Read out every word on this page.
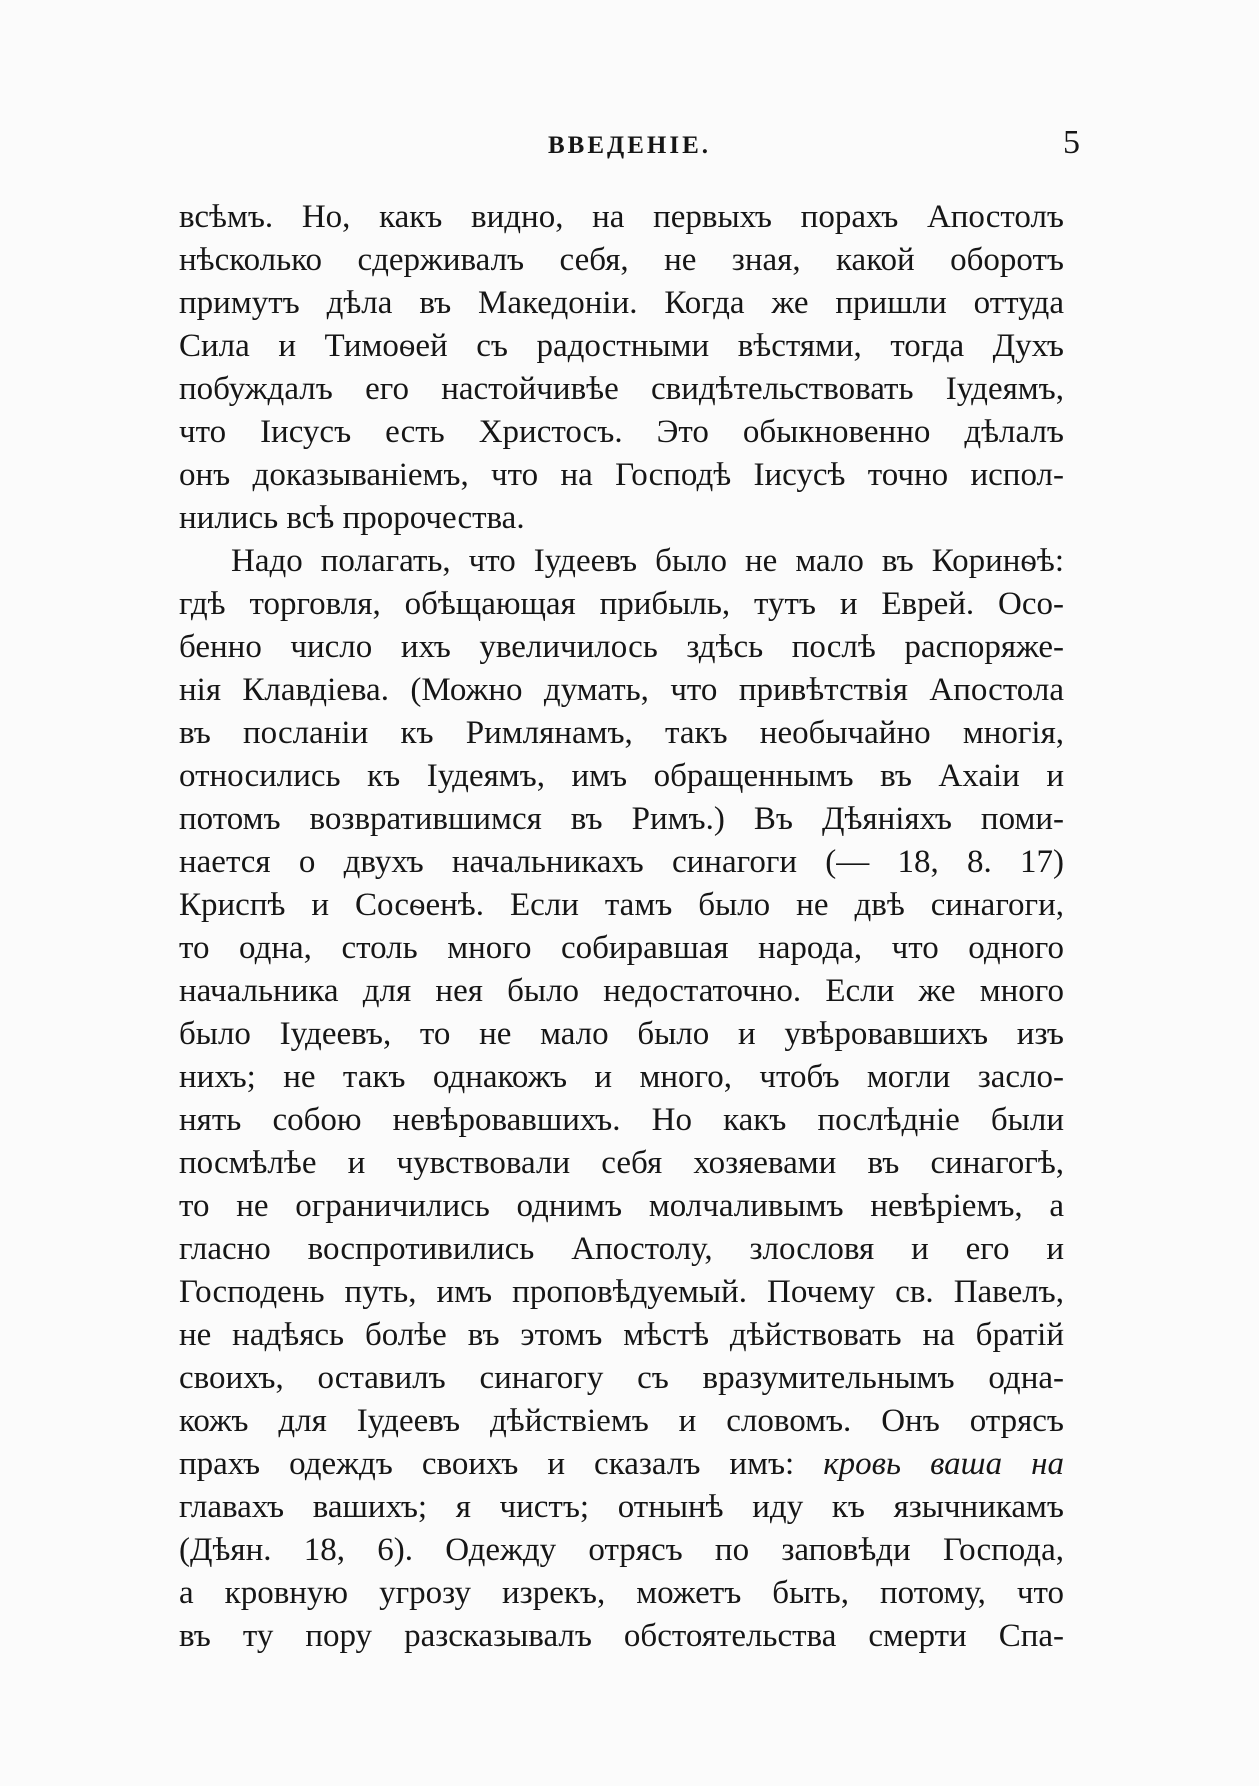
ВВЕДЕНІЕ.	5
всѣмъ. Но, какъ видно, на первыхъ порахъ Апостолъ
нѣсколько сдерживалъ себя, не зная, какой оборотъ
примутъ дѣла въ Македоніи. Когда же пришли оттуда
Сила и Тимоѳей съ радостными вѣстями, тогда Духъ
побуждалъ его настойчивѣе свидѣтельствовать Іудеямъ,
что Іисусъ есть Христосъ. Это обыкновенно дѣлалъ
онъ доказываніемъ, что на Господѣ Іисусѣ точно испол-
нились всѣ пророчества.
Надо полагать, что Іудеевъ было не мало въ Коринѳѣ:
гдѣ торговля, обѣщающая прибыль, тутъ и Еврей. Осо-
бенно число ихъ увеличилось здѣсь послѣ распоряже-
нія Клавдіева. (Можно думать, что привѣтствія Апостола
въ посланіи къ Римлянамъ, такъ необычайно многія,
относились къ Іудеямъ, имъ обращеннымъ въ Ахаіи и
потомъ возвратившимся въ Римъ.) Въ Дѣяніяхъ поми-
нается о двухъ начальникахъ синагоги (— 18, 8. 17)
Криспѣ и Сосѳенѣ. Если тамъ было не двѣ синагоги,
то одна, столь много собиравшая народа, что одного
начальника для нея было недостаточно. Если же много
было Іудеевъ, то не мало было и увѣровавшихъ изъ
нихъ; не такъ однакожъ и много, чтобъ могли засло-
нять собою невѣровавшихъ. Но какъ послѣдніе были
посмѣлѣе и чувствовали себя хозяевами въ синагогѣ,
то не ограничились однимъ молчаливымъ невѣріемъ, а
гласно воспротивились Апостолу, злословя и его и
Господень путь, имъ проповѣдуемый. Почему св. Павелъ,
не надѣясь болѣе въ этомъ мѣстѣ дѣйствовать на братій
своихъ, оставилъ синагогу съ вразумительнымъ одна-
кожъ для Іудеевъ дѣйствіемъ и словомъ. Онъ отрясъ
прахъ одеждъ своихъ и сказалъ имъ: кровь ваша на
главахъ вашихъ; я чистъ; отнынѣ иду къ язычникамъ
(Дѣян. 18, 6). Одежду отрясъ по заповѣди Господа,
а кровную угрозу изрекъ, можетъ быть, потому, что
въ ту пору разсказывалъ обстоятельства смерти Спа-
